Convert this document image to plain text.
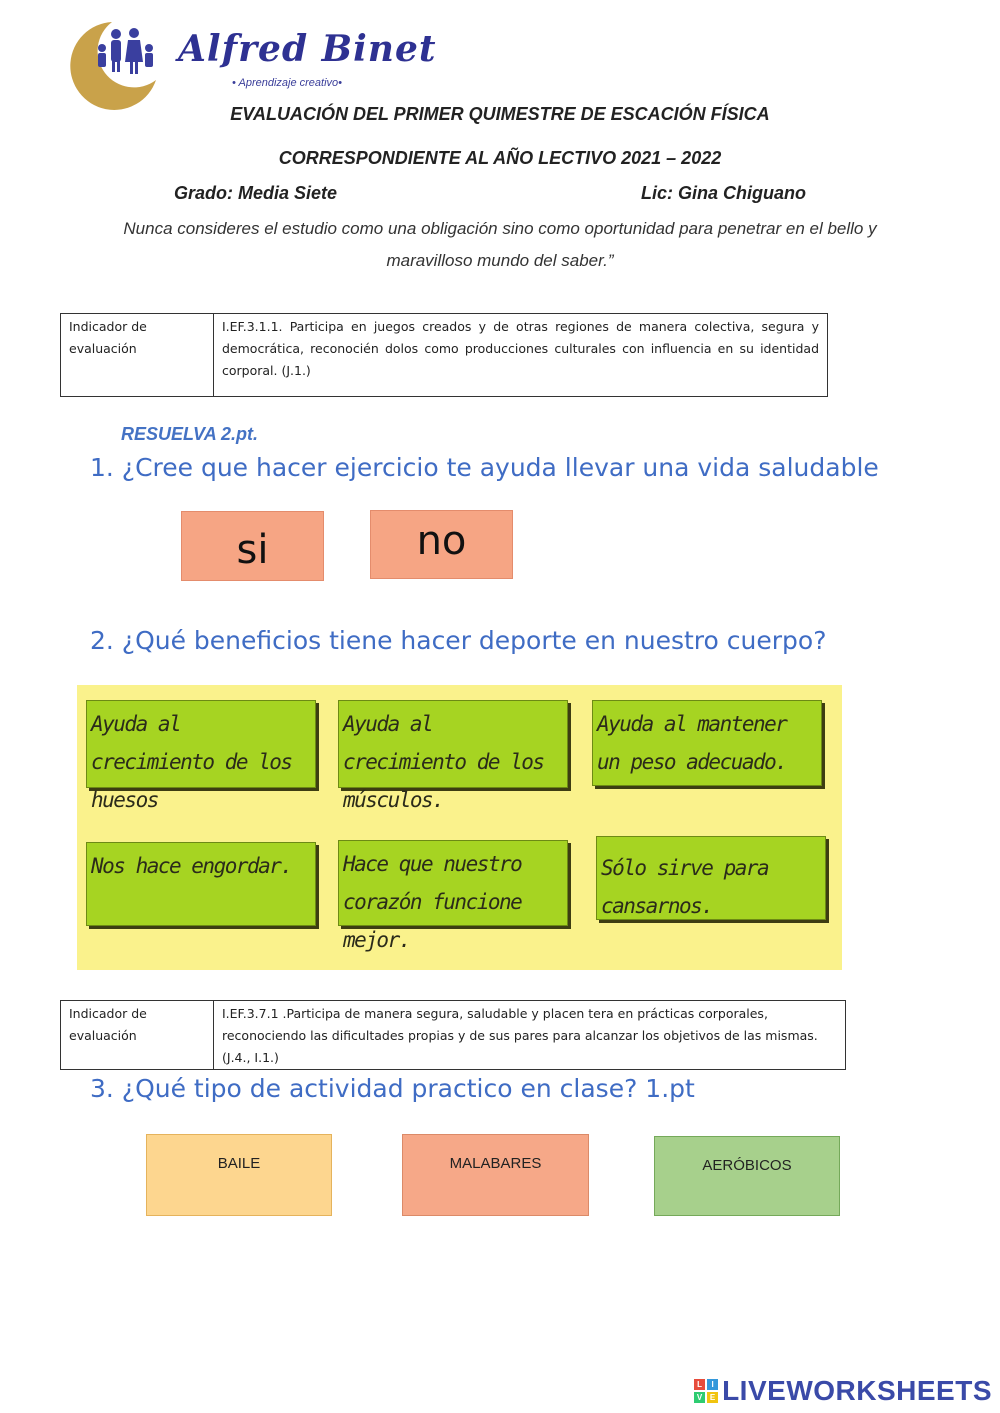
Alfred Binet
• Aprendizaje creativo•
EVALUACIÓN DEL PRIMER QUIMESTRE DE ESCACIÓN FÍSICA
CORRESPONDIENTE AL AÑO LECTIVO 2021 – 2022
Grado: Media Siete	Lic: Gina Chiguano
Nunca consideres el estudio como una obligación sino como oportunidad para penetrar en el bello y
maravilloso mundo del saber.”
Indicador de evaluación
I.EF.3.1.1. Participa en juegos creados y de otras regiones de manera colectiva, segura y democrática, reconocién dolos como producciones culturales con influencia en su identidad corporal. (J.1.)
RESUELVA 2.pt.
1. ¿Cree que hacer ejercicio te ayuda llevar una vida saludable
si	no
2. ¿Qué beneficios tiene hacer deporte en nuestro cuerpo?
Ayuda al crecimiento de los huesos
Ayuda al crecimiento de los músculos.
Ayuda al mantener un peso adecuado.
Nos hace engordar.	Hace que nuestro corazón funcione mejor.
Sólo sirve para cansarnos.
Indicador de evaluación
I.EF.3.7.1 .Participa de manera segura, saludable y placen tera en prácticas corporales, reconociendo las dificultades propias y de sus pares para alcanzar los objetivos de las mismas. (J.4., I.1.)
3. ¿Qué tipo de actividad practico en clase? 1.pt
BAILE	MALABARES	AERÓBICOS
L	I
V E LIVEWORKSHEETS
